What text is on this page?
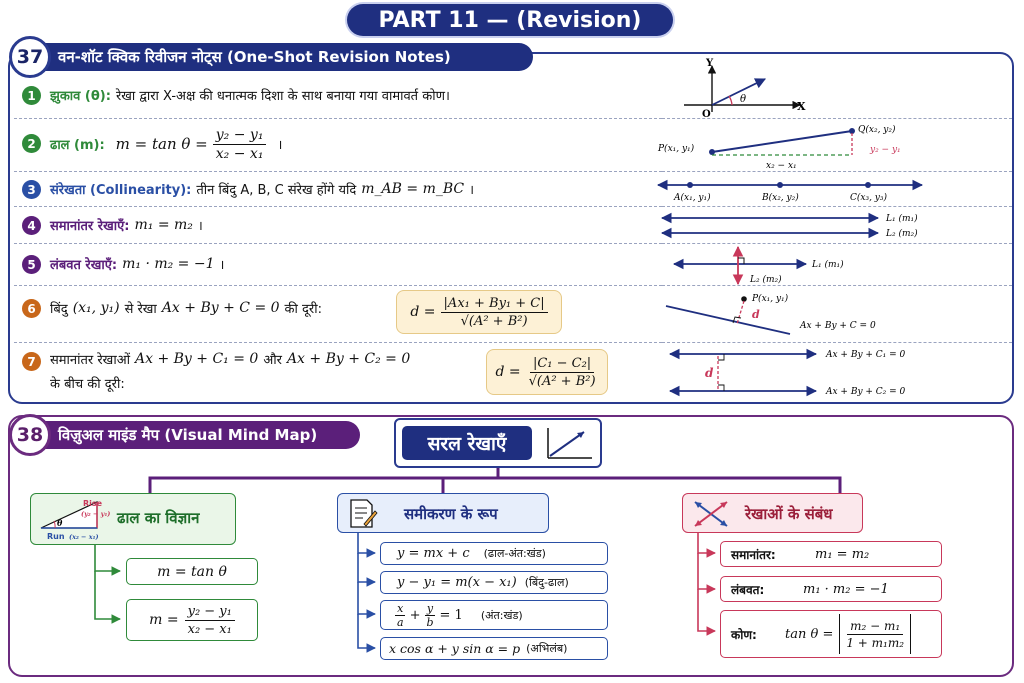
PART 11 — (Revision)
वन-शॉट क्विक रिवीजन नोट्स (One-Shot Revision Notes)
37
1	झुकाव (θ): रेखा द्वारा X-अक्ष की धनात्मक दिशा के साथ बनाया गया वामावर्त कोण।
2	ढाल (m): $m = \tan \theta = \frac{\text{y₂ − y₁}}{\text{x₂ − x₁}}$ ।
3	संरेखता (Collinearity): तीन बिंदु A, B, C संरेख होंगे यदि m_AB = m_BC ।
4	समानांतर रेखाएँ: m₁ = m₂ ।
5	लंबवत रेखाएँ: m₁ · m₂ = −1 ।
6	बिंदु (x₁, y₁) से रेखा Ax + By + C = 0 की दूरी:	$d = \frac{\text{|Ax₁ + By₁ + C|}}{\text{√(A² + B²)}}$
7	समानांतर रेखाओं Ax + By + C₁ = 0 और Ax + By + C₂ = 0
के बीच की दूरी:
$d = \frac{\text{|C₁ − C₂|}}{\text{√(A² + B²)}}$
Y
X
O
θ
P(x₁, y₁)
Q(x₂, y₂)
x₂ − x₁
y₂ − y₁
A(x₁, y₁)	B(x₂, y₂)	C(x₃, y₃)
L₁ (m₁)
L₂ (m₂)
L₁ (m₁)
L₂ (m₂)
P(x₁, y₁)
d
Ax + By + C = 0
d
Ax + By + C₁ = 0
Ax + By + C₂ = 0
विज़ुअल माइंड मैप (Visual Mind Map)
38	सरल रेखाएँ
θ
Rise
(y₂ − y₁)
Run (x₂ − x₁)
ढाल का विज्ञान
m = tan θ
$m = \frac{\text{y₂ − y₁}}{\text{x₂ − x₁}}$
समीकरण के रूप
y = mx + c (ढाल-अंत:खंड)
y − y₁ = m(x − x₁) (बिंदु-ढाल)
$\frac{x}{a} + \frac{y}{b} = 1$ (अंत:खंड)
x cos α + y sin α = p (अभिलंब)
रेखाओं के संबंध
समानांतर:	m₁ = m₂
लंबवत:	m₁ · m₂ = −1
कोण:	$\tan \theta = \frac{\text{m₂ − m₁}}{\text{1 + m₁m₂}}$
